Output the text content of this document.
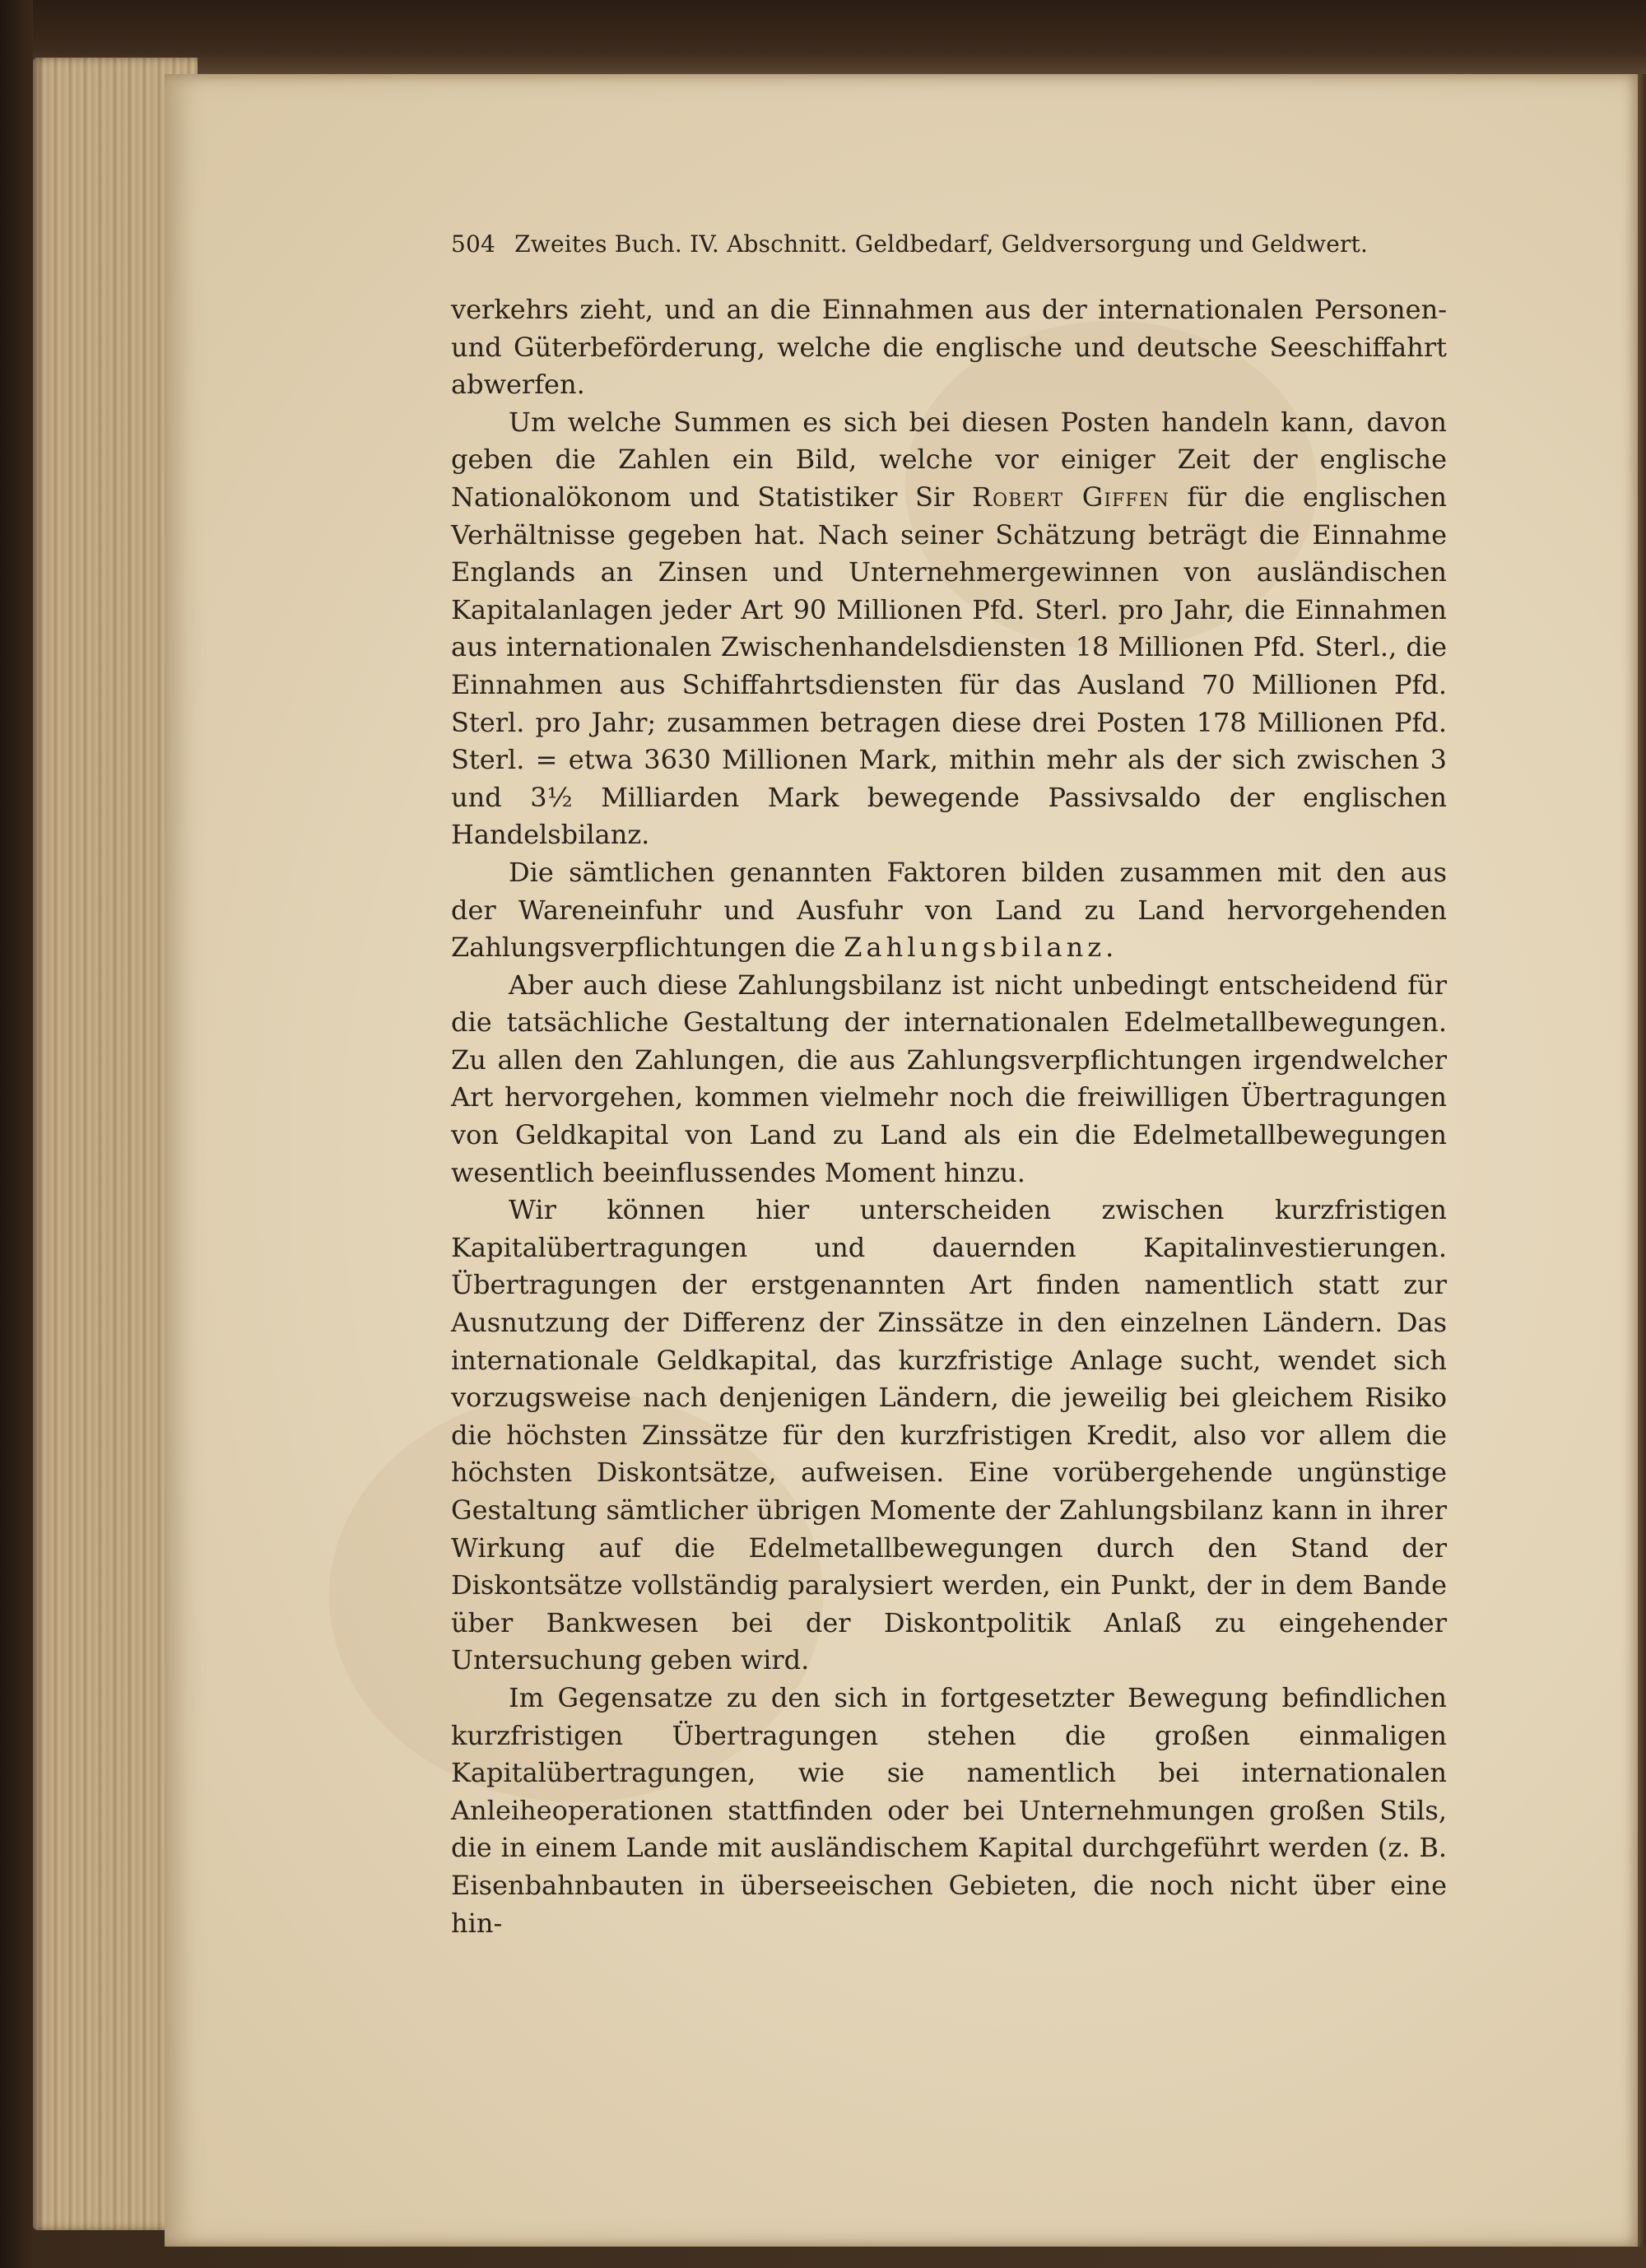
504 Zweites Buch. IV. Abschnitt. Geldbedarf, Geldversorgung und Geldwert.

verkehrs zieht, und an die Einnahmen aus der internationalen Personen- und Güterbeförderung, welche die englische und deutsche Seeschiffahrt abwerfen.

Um welche Summen es sich bei diesen Posten handeln kann, davon geben die Zahlen ein Bild, welche vor einiger Zeit der englische Nationalökonom und Statistiker Sir Robert Giffen für die englischen Verhältnisse gegeben hat. Nach seiner Schätzung beträgt die Einnahme Englands an Zinsen und Unternehmergewinnen von ausländischen Kapitalanlagen jeder Art 90 Millionen Pfd. Sterl. pro Jahr, die Einnahmen aus internationalen Zwischenhandelsdiensten 18 Millionen Pfd. Sterl., die Einnahmen aus Schiffahrtsdiensten für das Ausland 70 Millionen Pfd. Sterl. pro Jahr; zusammen betragen diese drei Posten 178 Millionen Pfd. Sterl. = etwa 3630 Millionen Mark, mithin mehr als der sich zwischen 3 und 3½ Milliarden Mark bewegende Passivsaldo der englischen Handelsbilanz.

Die sämtlichen genannten Faktoren bilden zusammen mit den aus der Wareneinfuhr und Ausfuhr von Land zu Land hervorgehenden Zahlungsverpflichtungen die Zahlungsbilanz.

Aber auch diese Zahlungsbilanz ist nicht unbedingt entscheidend für die tatsächliche Gestaltung der internationalen Edelmetallbewegungen. Zu allen den Zahlungen, die aus Zahlungsverpflichtungen irgendwelcher Art hervorgehen, kommen vielmehr noch die freiwilligen Übertragungen von Geldkapital von Land zu Land als ein die Edelmetallbewegungen wesentlich beeinflussendes Moment hinzu.

Wir können hier unterscheiden zwischen kurzfristigen Kapitalübertragungen und dauernden Kapitalinvestierungen. Übertragungen der erstgenannten Art finden namentlich statt zur Ausnutzung der Differenz der Zinssätze in den einzelnen Ländern. Das internationale Geldkapital, das kurzfristige Anlage sucht, wendet sich vorzugsweise nach denjenigen Ländern, die jeweilig bei gleichem Risiko die höchsten Zinssätze für den kurzfristigen Kredit, also vor allem die höchsten Diskontsätze, aufweisen. Eine vorübergehende ungünstige Gestaltung sämtlicher übrigen Momente der Zahlungsbilanz kann in ihrer Wirkung auf die Edelmetallbewegungen durch den Stand der Diskontsätze vollständig paralysiert werden, ein Punkt, der in dem Bande über Bankwesen bei der Diskontpolitik Anlaß zu eingehender Untersuchung geben wird.

Im Gegensatze zu den sich in fortgesetzter Bewegung befindlichen kurzfristigen Übertragungen stehen die großen einmaligen Kapitalübertragungen, wie sie namentlich bei internationalen Anleiheoperationen stattfinden oder bei Unternehmungen großen Stils, die in einem Lande mit ausländischem Kapital durchgeführt werden (z. B. Eisenbahnbauten in überseeischen Gebieten, die noch nicht über eine hin-
